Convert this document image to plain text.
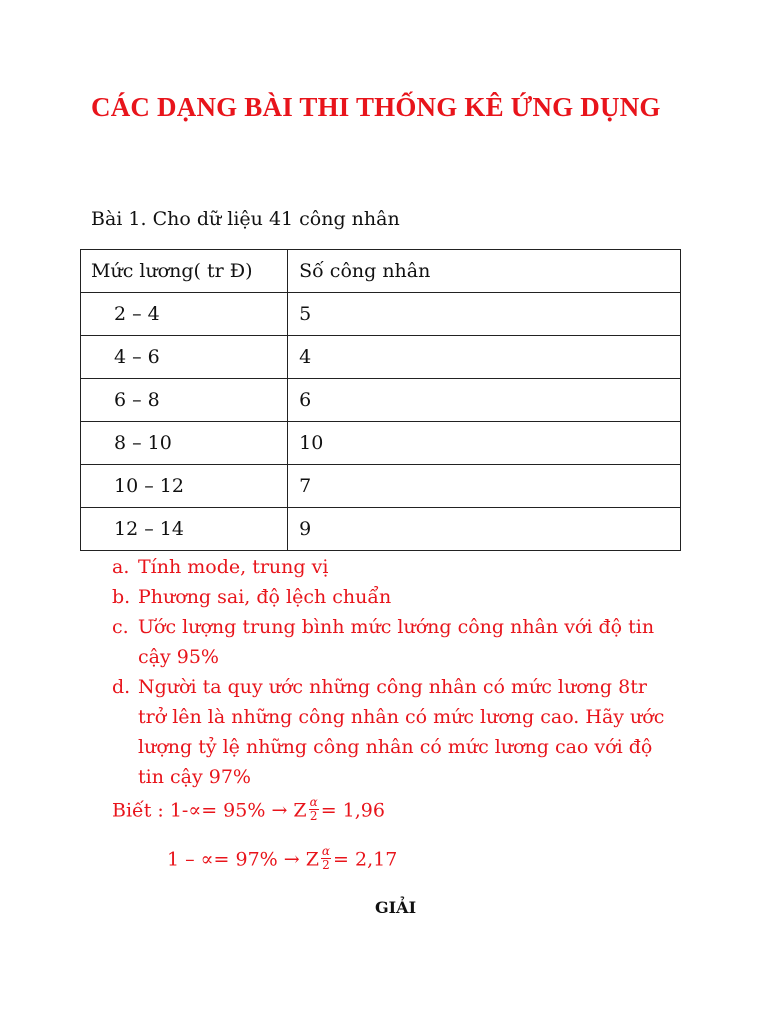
CÁC DẠNG BÀI THI THỐNG KÊ ỨNG DỤNG
Bài 1. Cho dữ liệu 41 công nhân
Mức lương( tr Đ)	Số công nhân
2 – 4	5
4 – 6	4
6 – 8	6
8 – 10	10
10 – 12	7
12 – 14	9
a. Tính mode, trung vị
b. Phương sai, độ lệch chuẩn
c. Ước lượng trung bình mức lướng công nhân với độ tin cậy 95%
d. Người ta quy ước những công nhân có mức lương 8tr trở lên là những công nhân có mức lương cao. Hãy ước lượng tỷ lệ những công nhân có mức lương cao với độ tin cậy 97%
Biết : 1-∝= 95% → Z $\frac{\alpha}{2} = 1,96$
1 – ∝= 97% → Z $\frac{\alpha}{2} = 2,17$
GIẢI
